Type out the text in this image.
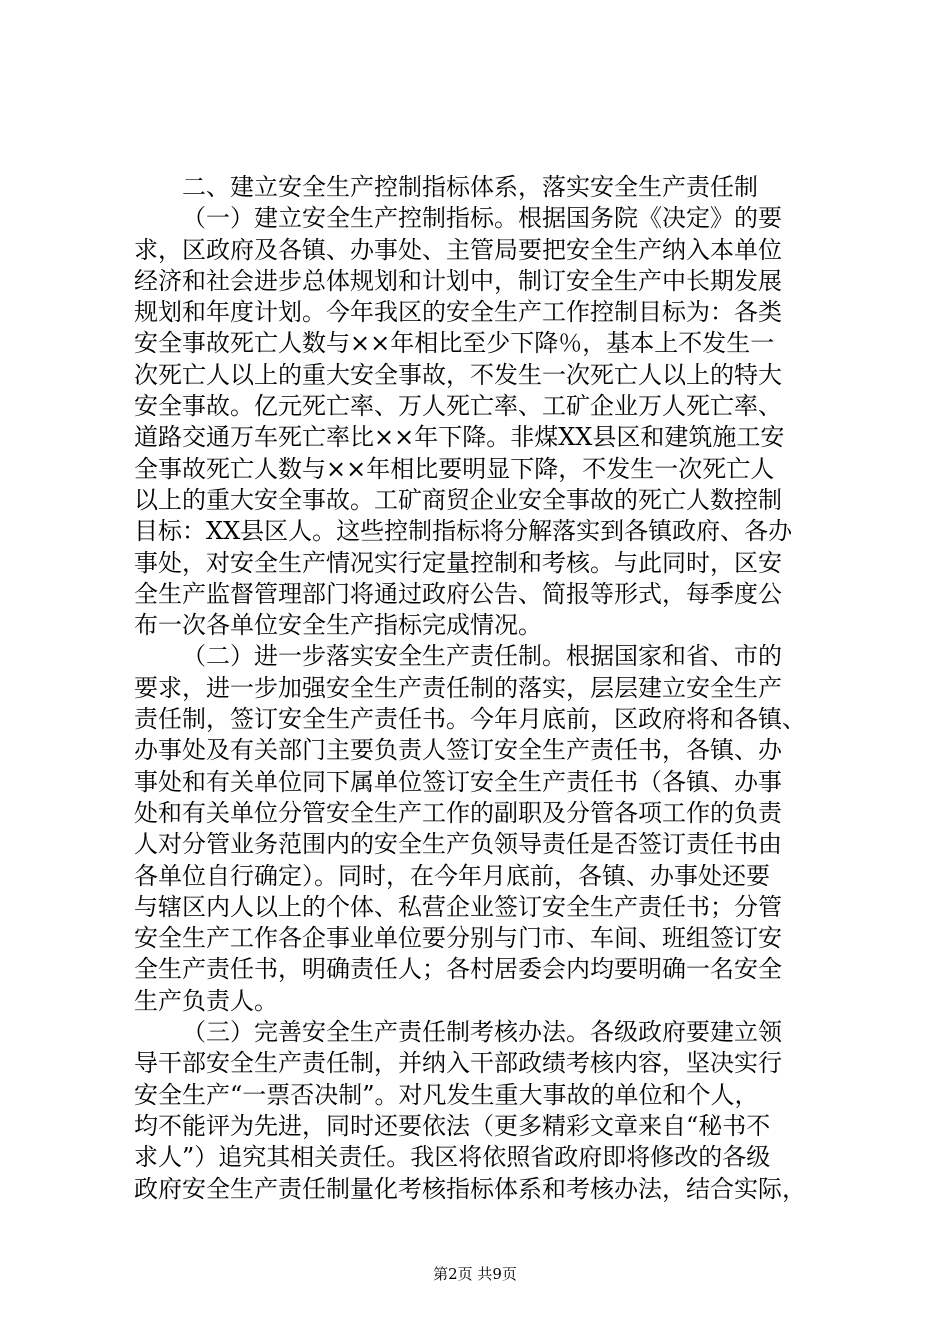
二、建立安全生产控制指标体系，落实安全生产责任制
（一）建立安全生产控制指标。根据国务院《决定》的要
求，区政府及各镇、办事处、主管局要把安全生产纳入本单位
经济和社会进步总体规划和计划中，制订安全生产中长期发展
规划和年度计划。今年我区的安全生产工作控制目标为：各类
安全事故死亡人数与××年相比至少下降％，基本上不发生一
次死亡人以上的重大安全事故，不发生一次死亡人以上的特大
安全事故。亿元死亡率、万人死亡率、工矿企业万人死亡率、
道路交通万车死亡率比××年下降。非煤XX县区和建筑施工安
全事故死亡人数与××年相比要明显下降，不发生一次死亡人
以上的重大安全事故。工矿商贸企业安全事故的死亡人数控制
目标：XX县区人。这些控制指标将分解落实到各镇政府、各办
事处，对安全生产情况实行定量控制和考核。与此同时，区安
全生产监督管理部门将通过政府公告、简报等形式，每季度公
布一次各单位安全生产指标完成情况。
（二）进一步落实安全生产责任制。根据国家和省、市的
要求，进一步加强安全生产责任制的落实，层层建立安全生产
责任制，签订安全生产责任书。今年月底前，区政府将和各镇、
办事处及有关部门主要负责人签订安全生产责任书，各镇、办
事处和有关单位同下属单位签订安全生产责任书（各镇、办事
处和有关单位分管安全生产工作的副职及分管各项工作的负责
人对分管业务范围内的安全生产负领导责任是否签订责任书由
各单位自行确定）。同时，在今年月底前，各镇、办事处还要
与辖区内人以上的个体、私营企业签订安全生产责任书；分管
安全生产工作各企事业单位要分别与门市、车间、班组签订安
全生产责任书，明确责任人；各村居委会内均要明确一名安全
生产负责人。
（三）完善安全生产责任制考核办法。各级政府要建立领
导干部安全生产责任制，并纳入干部政绩考核内容，坚决实行
安全生产“一票否决制”。对凡发生重大事故的单位和个人，
均不能评为先进，同时还要依法（更多精彩文章来自“秘书不
求人”）追究其相关责任。我区将依照省政府即将修改的各级
政府安全生产责任制量化考核指标体系和考核办法，结合实际，
第2页 共9页
